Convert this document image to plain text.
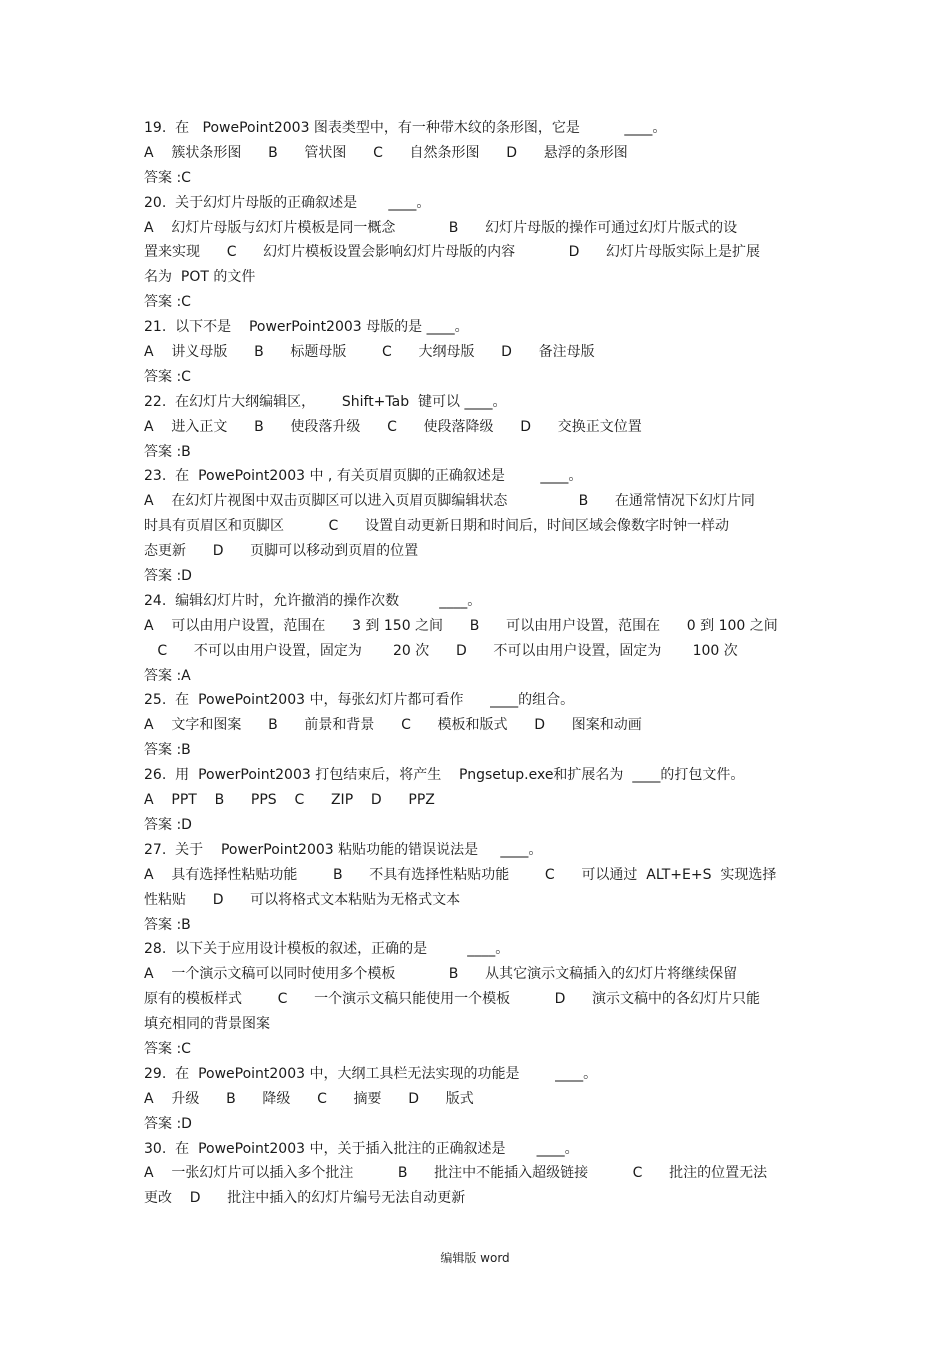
19.  在   PowePoint2003 图表类型中，有一种带木纹的条形图，它是          ____。
A    簇状条形图      B      管状图      C      自然条形图      D      悬浮的条形图
答案 :C
20.  关于幻灯片母版的正确叙述是       ____。
A    幻灯片母版与幻灯片模板是同一概念            B      幻灯片母版的操作可通过幻灯片版式的设
置来实现      C      幻灯片模板设置会影响幻灯片母版的内容            D      幻灯片母版实际上是扩展
名为  POT 的文件
答案 :C
21.  以下不是    PowerPoint2003 母版的是 ____。
A    讲义母版      B      标题母版        C      大纲母版      D      备注母版
答案 :C
22.  在幻灯片大纲编辑区，      Shift+Tab  键可以 ____。
A    进入正文      B      使段落升级      C      使段落降级      D      交换正文位置
答案 :B
23.  在  PowePoint2003 中 , 有关页眉页脚的正确叙述是        ____。
A    在幻灯片视图中双击页脚区可以进入页眉页脚编辑状态                B      在通常情况下幻灯片同
时具有页眉区和页脚区          C      设置自动更新日期和时间后，时间区域会像数字时钟一样动
态更新      D      页脚可以移动到页眉的位置
答案 :D
24.  编辑幻灯片时，允许撤消的操作次数         ____。
A    可以由用户设置，范围在      3 到 150 之间      B      可以由用户设置，范围在      0 到 100 之间
C      不可以由用户设置，固定为       20 次      D      不可以由用户设置，固定为       100 次
答案 :A
25.  在  PowePoint2003 中，每张幻灯片都可看作      ____的组合。
A    文字和图案      B      前景和背景      C      模板和版式      D      图案和动画
答案 :B
26.  用  PowerPoint2003 打包结束后，将产生    Pngsetup.exe和扩展名为  ____的打包文件。
A    PPT    B      PPS    C      ZIP    D      PPZ
答案 :D
27.  关于    PowerPoint2003 粘贴功能的错误说法是     ____。
A    具有选择性粘贴功能        B      不具有选择性粘贴功能        C      可以通过  ALT+E+S  实现选择
性粘贴      D      可以将格式文本粘贴为无格式文本
答案 :B
28.  以下关于应用设计模板的叙述，正确的是         ____。
A    一个演示文稿可以同时使用多个模板            B      从其它演示文稿插入的幻灯片将继续保留
原有的模板样式        C      一个演示文稿只能使用一个模板          D      演示文稿中的各幻灯片只能
填充相同的背景图案
答案 :C
29.  在  PowePoint2003 中，大纲工具栏无法实现的功能是        ____。
A    升级      B      降级      C      摘要      D      版式
答案 :D
30.  在  PowePoint2003 中，关于插入批注的正确叙述是       ____。
A    一张幻灯片可以插入多个批注          B      批注中不能插入超级链接          C      批注的位置无法
更改    D      批注中插入的幻灯片编号无法自动更新
编辑版 word
